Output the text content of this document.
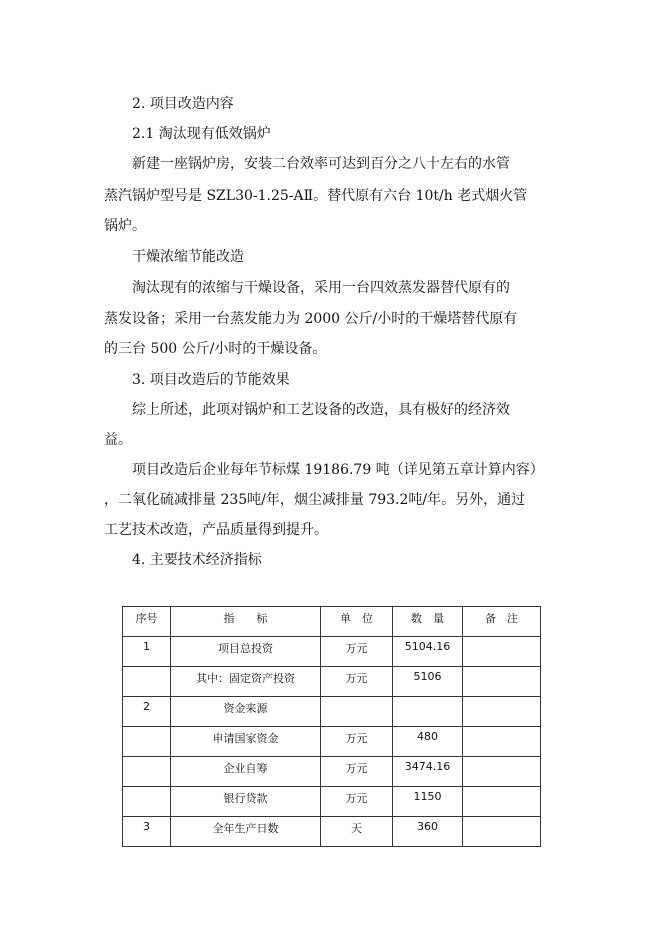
2. 项目改造内容
2.1 淘汰现有低效锅炉
新建一座锅炉房，安装二台效率可达到百分之八十左右的水管
蒸汽锅炉型号是 SZL30-1.25-AⅡ。替代原有六台 10t/h 老式烟火管
锅炉。
干燥浓缩节能改造
淘汰现有的浓缩与干燥设备，采用一台四效蒸发器替代原有的
蒸发设备；采用一台蒸发能力为 2000 公斤/小时的干燥塔替代原有
的三台 500 公斤/小时的干燥设备。
3. 项目改造后的节能效果
综上所述，此项对锅炉和工艺设备的改造，具有极好的经济效
益。
项目改造后企业每年节标煤 19186.79 吨（详见第五章计算内容）
，二氧化硫减排量 235吨/年，烟尘减排量 793.2吨/年。另外，通过
工艺技术改造，产品质量得到提升。
4. 主要技术经济指标
序号	指　　标	单　位	数　量	备　注
1	项目总投资	万元	5104.16	
	其中：固定资产投资	万元	5106	
2	资金来源			
	申请国家资金	万元	480	
	企业自筹	万元	3474.16	
	银行贷款	万元	1150	
3	全年生产日数	天	360	
